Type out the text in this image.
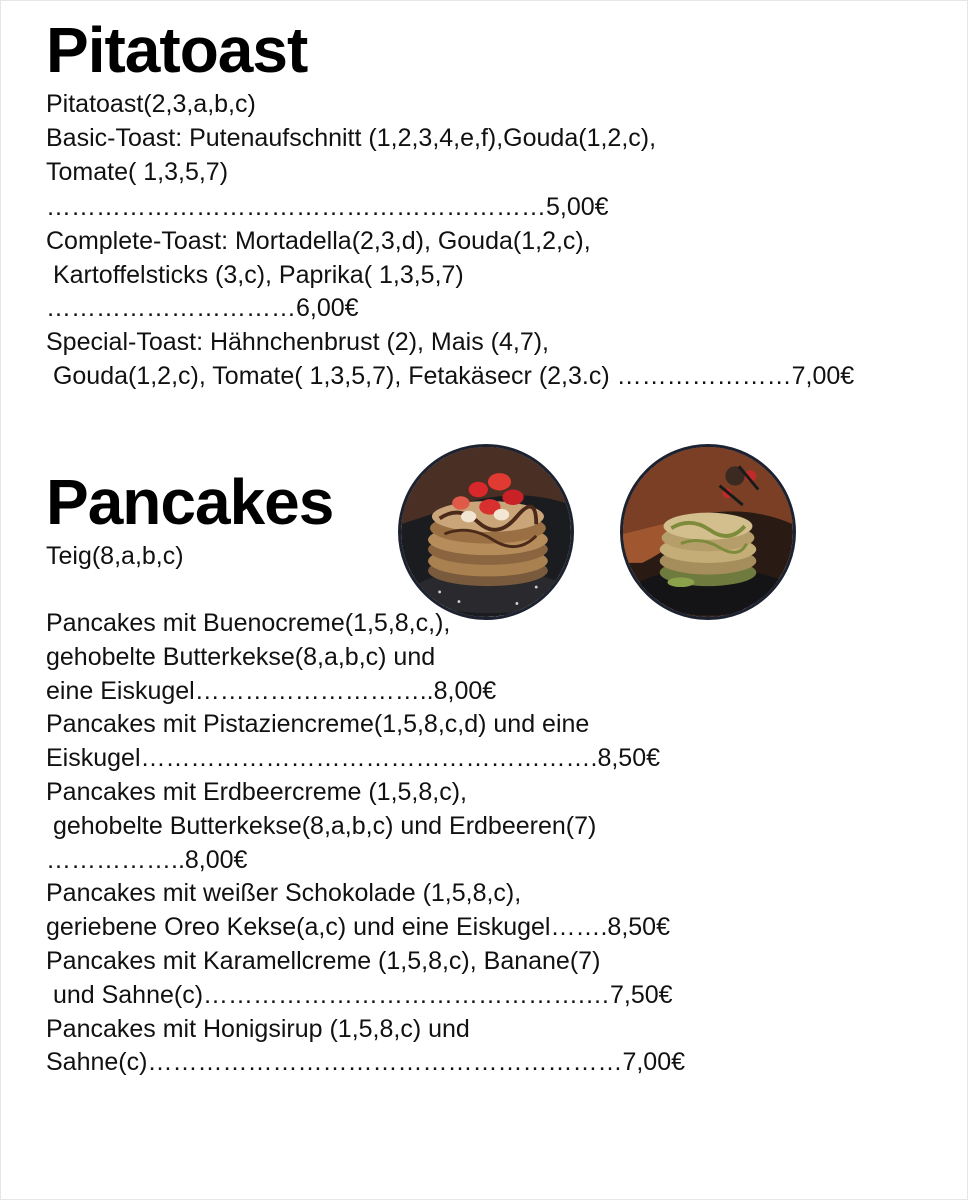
Pitatoast
Pitatoast(2,3,a,b,c)
Basic-Toast: Putenaufschnitt (1,2,3,4,e,f),Gouda(1,2,c),
Tomate( 1,3,5,7)
……………………………………………………5,00€
Complete-Toast: Mortadella(2,3,d), Gouda(1,2,c),
Kartoffelsticks (3,c), Paprika( 1,3,5,7)
…………………………6,00€
Special-Toast: Hähnchenbrust (2), Mais (4,7),
Gouda(1,2,c), Tomate( 1,3,5,7), Fetakäsecr (2,3.c) …………………7,00€
Pancakes
Teig(8,a,b,c)
Pancakes mit Buenocreme(1,5,8,c,),
gehobelte Butterkekse(8,a,b,c) und
eine Eiskugel………………………..8,00€
Pancakes mit Pistaziencreme(1,5,8,c,d) und eine
Eiskugel……………………………………………….8,50€
Pancakes mit Erdbeercreme (1,5,8,c),
gehobelte Butterkekse(8,a,b,c) und Erdbeeren(7)
……………..8,00€
Pancakes mit weißer Schokolade (1,5,8,c),
geriebene Oreo Kekse(a,c) und eine Eiskugel…….8,50€
Pancakes mit Karamellcreme (1,5,8,c), Banane(7)
und Sahne(c)……………………………………….…7,50€
Pancakes mit Honigsirup (1,5,8,c) und
Sahne(c)…………………………………………………7,00€
